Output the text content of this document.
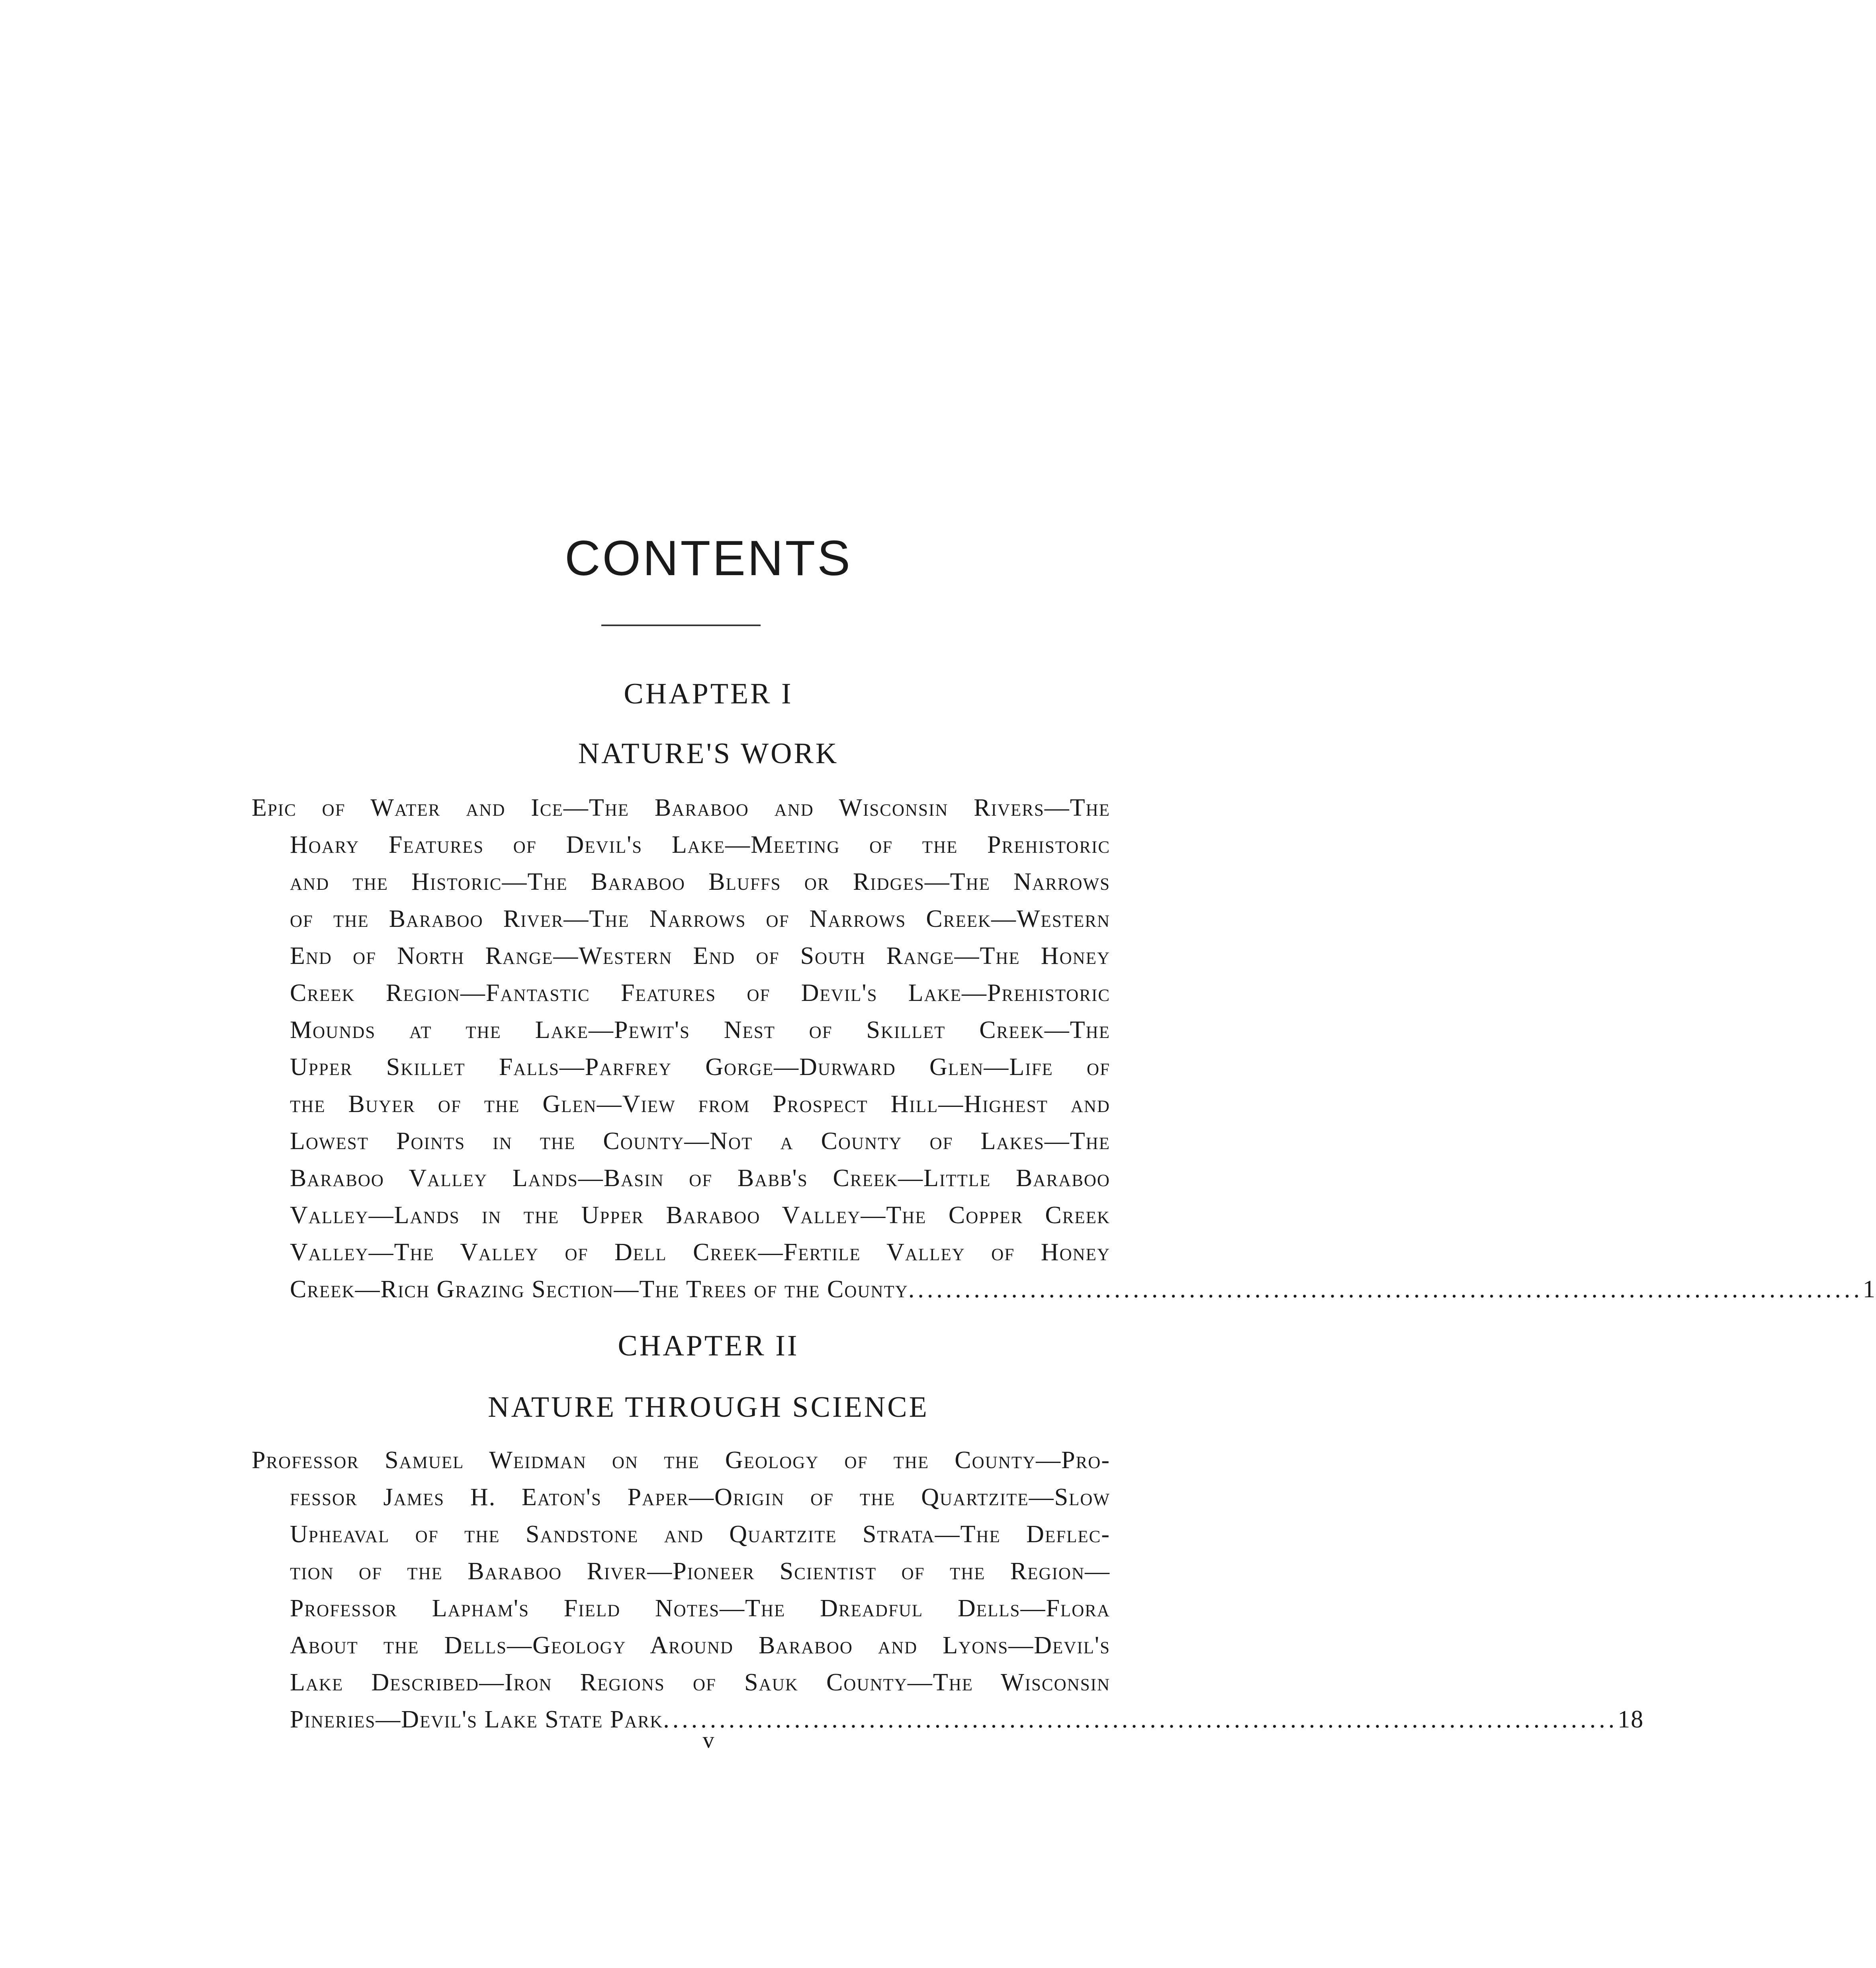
CONTENTS
CHAPTER I
NATURE'S WORK
Epic of Water and Ice—The Baraboo and Wisconsin Rivers—The
Hoary Features of Devil's Lake—Meeting of the Prehistoric
and the Historic—The Baraboo Bluffs or Ridges—The Narrows
of the Baraboo River—The Narrows of Narrows Creek—Western
End of North Range—Western End of South Range—The Honey
Creek Region—Fantastic Features of Devil's Lake—Prehistoric
Mounds at the Lake—Pewit's Nest of Skillet Creek—The
Upper Skillet Falls—Parfrey Gorge—Durward Glen—Life of
the Buyer of the Glen—View from Prospect Hill—Highest and
Lowest Points in the County—Not a County of Lakes—The
Baraboo Valley Lands—Basin of Babb's Creek—Little Baraboo
Valley—Lands in the Upper Baraboo Valley—The Copper Creek
Valley—The Valley of Dell Creek—Fertile Valley of Honey
Creek—Rich Grazing Section—The Trees of the County ...................................................................................................... 1
CHAPTER II
NATURE THROUGH SCIENCE
Professor Samuel Weidman on the Geology of the County—Pro-
fessor James H. Eaton's Paper—Origin of the Quartzite—Slow
Upheaval of the Sandstone and Quartzite Strata—The Deflec-
tion of the Baraboo River—Pioneer Scientist of the Region—
Professor Lapham's Field Notes—The Dreadful Dells—Flora
About the Dells—Geology Around Baraboo and Lyons—Devil's
Lake Described—Iron Regions of Sauk County—The Wisconsin
Pineries—Devil's Lake State Park ...................................................................................................... 18
v
